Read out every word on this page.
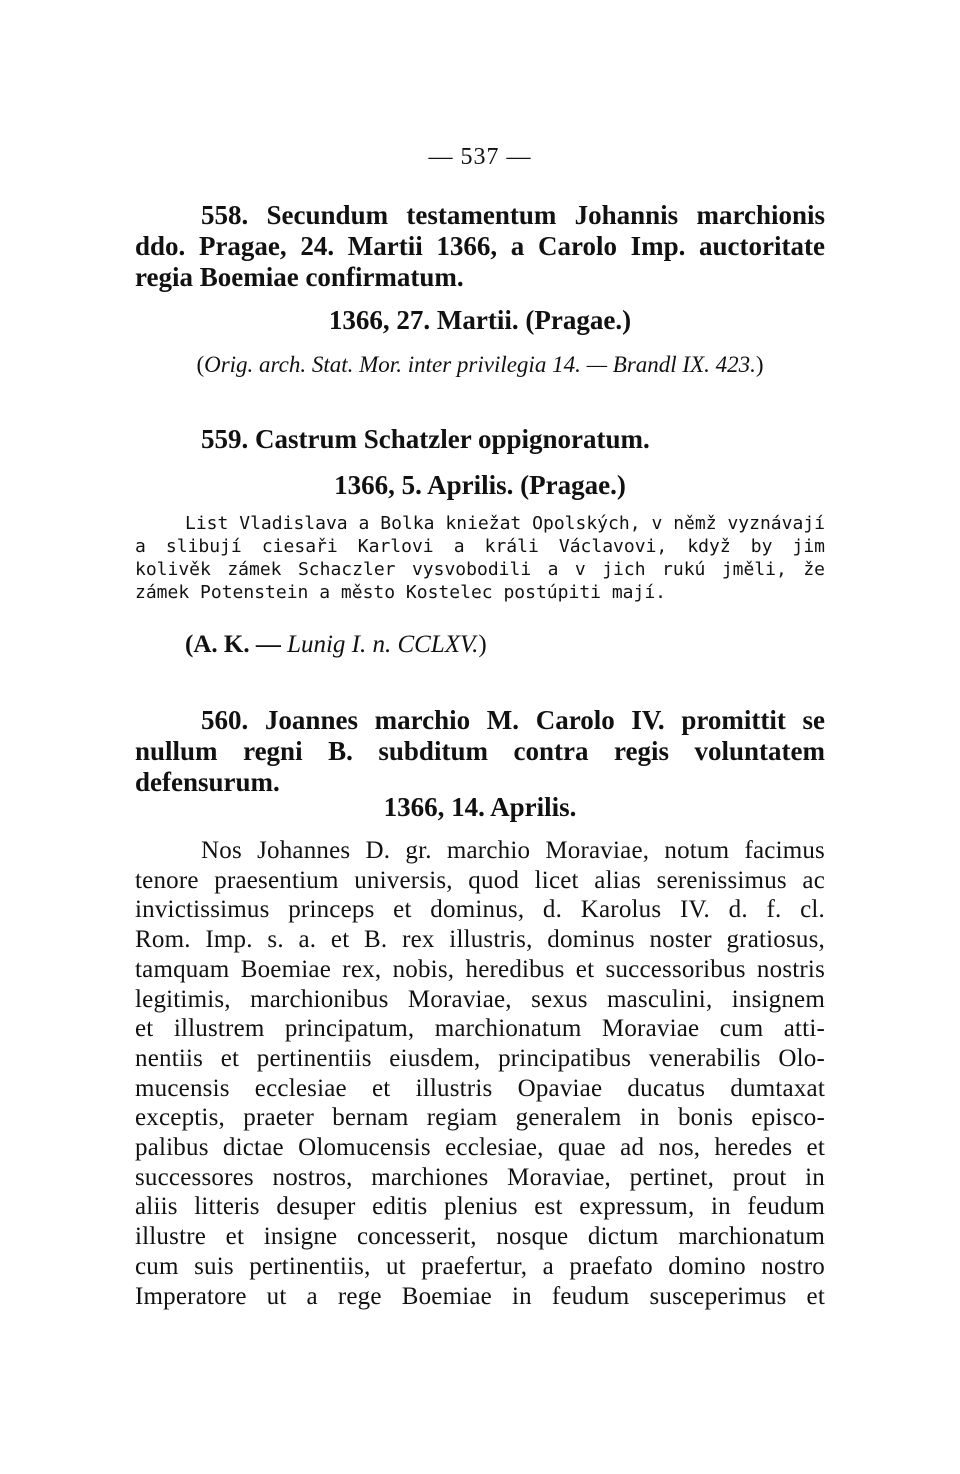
— 537 —
558. Secundum testamentum Johannis marchionis ddo. Pragae, 24. Martii 1366, a Carolo Imp. auctoritate regia Boemiae confirmatum.
1366, 27. Martii. (Pragae.)
(Orig. arch. Stat. Mor. inter privilegia 14. — Brandl IX. 423.)
559. Castrum Schatzler oppignoratum.
1366, 5. Aprilis. (Pragae.)
List Vladislava a Bolka kniežat Opolských, v němž vyznávají a slibují ciesaři Karlovi a králi Václavovi, když by jim kolivěk zámek Schaczler vysvobodili a v jich rukú jměli, že zámek Potenstein a město Kostelec postúpiti mají.
(A. K. — Lunig I. n. CCLXV.)
560. Joannes marchio M. Carolo IV. promittit se nullum regni B. subditum contra regis voluntatem defensurum.
1366, 14. Aprilis.
Nos Johannes D. gr. marchio Moraviae, notum facimus
tenore praesentium universis, quod licet alias serenissimus ac
invictissimus princeps et dominus, d. Karolus IV. d. f. cl.
Rom. Imp. s. a. et B. rex illustris, dominus noster gratiosus,
tamquam Boemiae rex, nobis, heredibus et successoribus nostris
legitimis, marchionibus Moraviae, sexus masculini, insignem
et illustrem principatum, marchionatum Moraviae cum atti-
nentiis et pertinentiis eiusdem, principatibus venerabilis Olo-
mucensis ecclesiae et illustris Opaviae ducatus dumtaxat
exceptis, praeter bernam regiam generalem in bonis episco-
palibus dictae Olomucensis ecclesiae, quae ad nos, heredes et
successores nostros, marchiones Moraviae, pertinet, prout in
aliis litteris desuper editis plenius est expressum, in feudum
illustre et insigne concesserit, nosque dictum marchionatum
cum suis pertinentiis, ut praefertur, a praefato domino nostro
Imperatore ut a rege Boemiae in feudum susceperimus et
